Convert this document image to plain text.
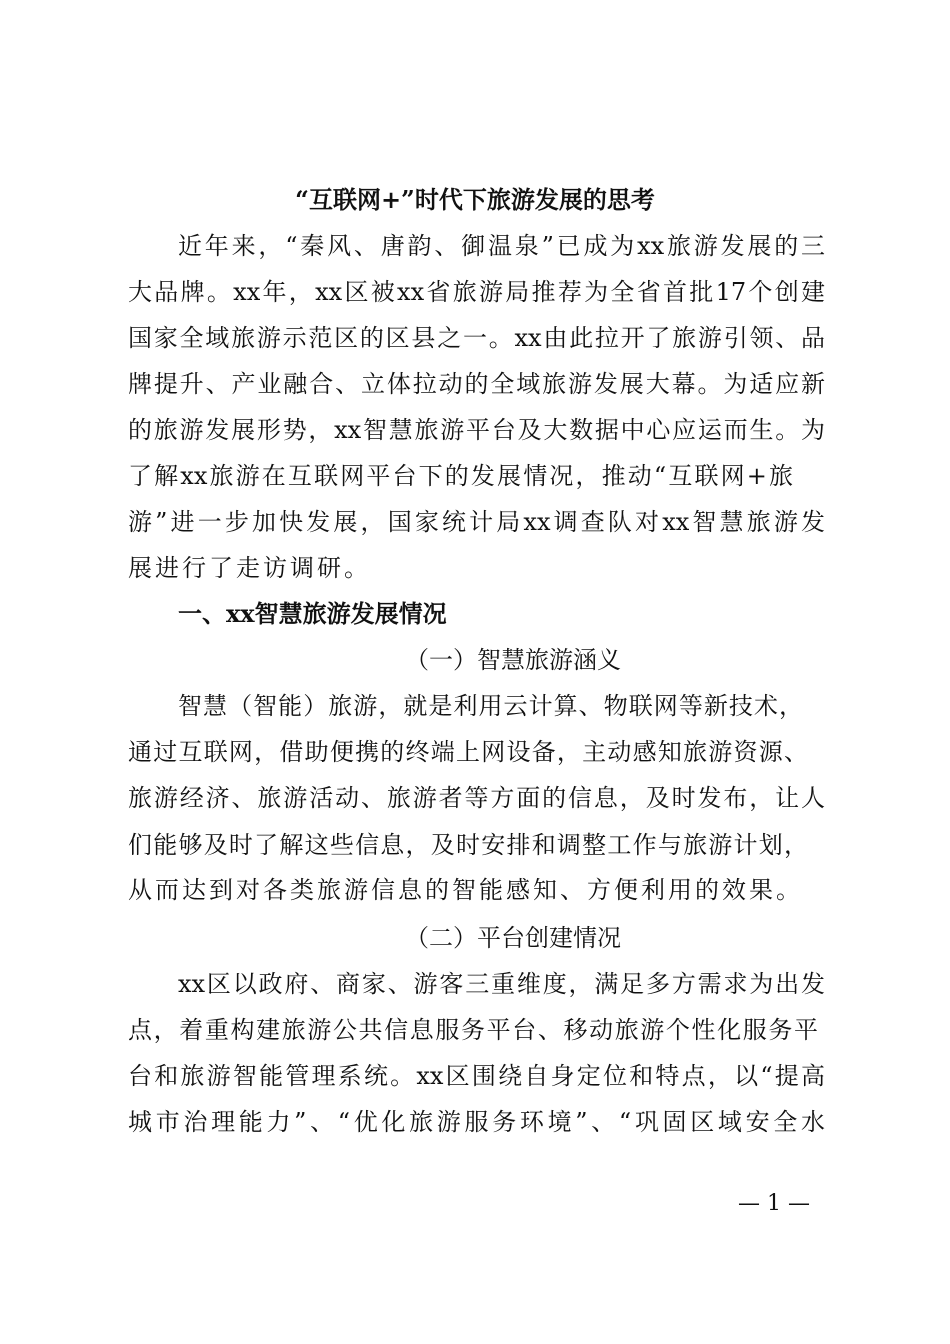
“互联网+”时代下旅游发展的思考
近年来，“秦风、唐韵、御温泉”已成为xx旅游发展的三
大品牌。xx年，xx区被xx省旅游局推荐为全省首批17个创建
国家全域旅游示范区的区县之一。xx由此拉开了旅游引领、品
牌提升、产业融合、立体拉动的全域旅游发展大幕。为适应新
的旅游发展形势，xx智慧旅游平台及大数据中心应运而生。为
了解xx旅游在互联网平台下的发展情况，推动“互联网+旅
游”进一步加快发展，国家统计局xx调查队对xx智慧旅游发
展进行了走访调研。
一、xx智慧旅游发展情况
（一）智慧旅游涵义
智慧（智能）旅游，就是利用云计算、物联网等新技术，
通过互联网，借助便携的终端上网设备，主动感知旅游资源、
旅游经济、旅游活动、旅游者等方面的信息，及时发布，让人
们能够及时了解这些信息，及时安排和调整工作与旅游计划，
从而达到对各类旅游信息的智能感知、方便利用的效果。
（二）平台创建情况
xx区以政府、商家、游客三重维度，满足多方需求为出发
点，着重构建旅游公共信息服务平台、移动旅游个性化服务平
台和旅游智能管理系统。xx区围绕自身定位和特点，以“提高
城市治理能力”、“优化旅游服务环境”、“巩固区域安全水
— 1 —
